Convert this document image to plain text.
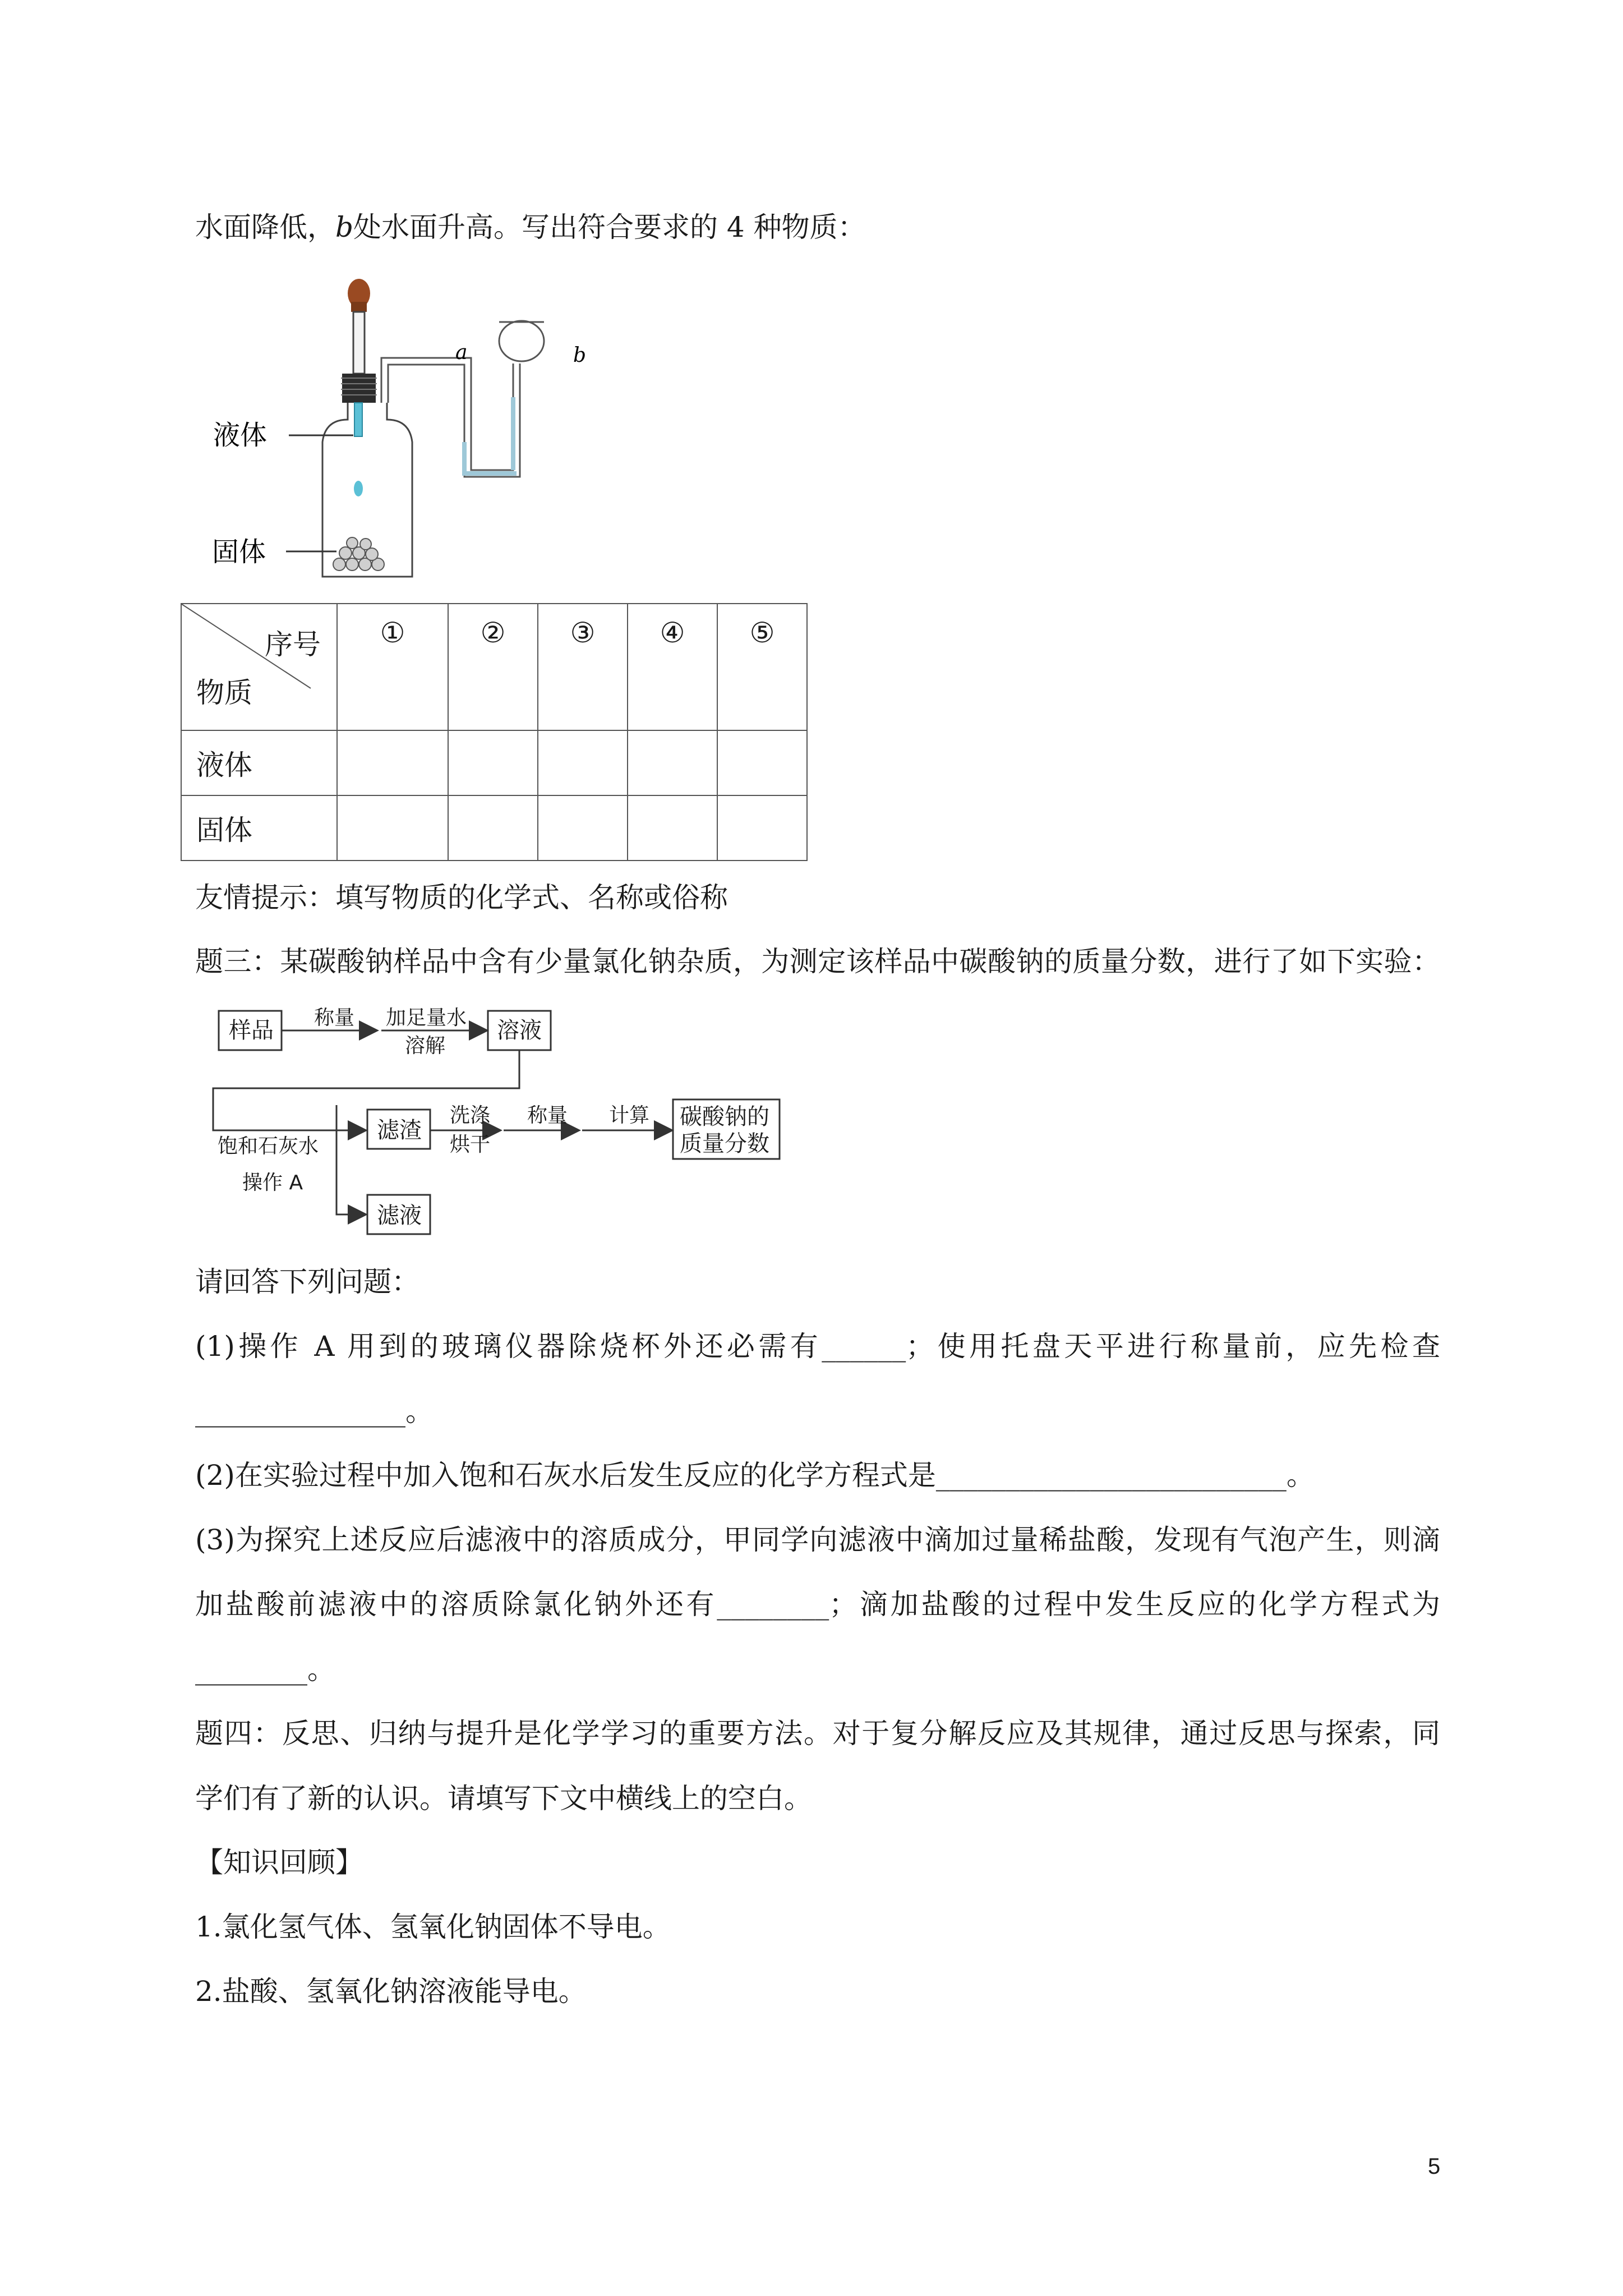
水面降低，b处水面升高。写出符合要求的 4 种物质：

液体
固体
a	b
序号
物质	①	②	③	④	⑤
液体					
固体					

友情提示：填写物质的化学式、名称或俗称

题三：某碳酸钠样品中含有少量氯化钠杂质，为测定该样品中碳酸钠的质量分数，进行了如下实验：

样品 称量 加足量水
溶解
溶液
饱和石灰水
操作 A
滤渣
洗涤
烘干
称量 计算 碳酸钠的
质量分数
滤液

请回答下列问题：

(1)操作 A 用到的玻璃仪器除烧杯外还必需有______；使用托盘天平进行称量前，应先检查

_______________。

(2)在实验过程中加入饱和石灰水后发生反应的化学方程式是_________________________。

(3)为探究上述反应后滤液中的溶质成分，甲同学向滤液中滴加过量稀盐酸，发现有气泡产生，则滴

加盐酸前滤液中的溶质除氯化钠外还有________；滴加盐酸的过程中发生反应的化学方程式为

________。

题四：反思、归纳与提升是化学学习的重要方法。对于复分解反应及其规律，通过反思与探索，同

学们有了新的认识。请填写下文中横线上的空白。

【知识回顾】

1.氯化氢气体、氢氧化钠固体不导电。

2.盐酸、氢氧化钠溶液能导电。

5
